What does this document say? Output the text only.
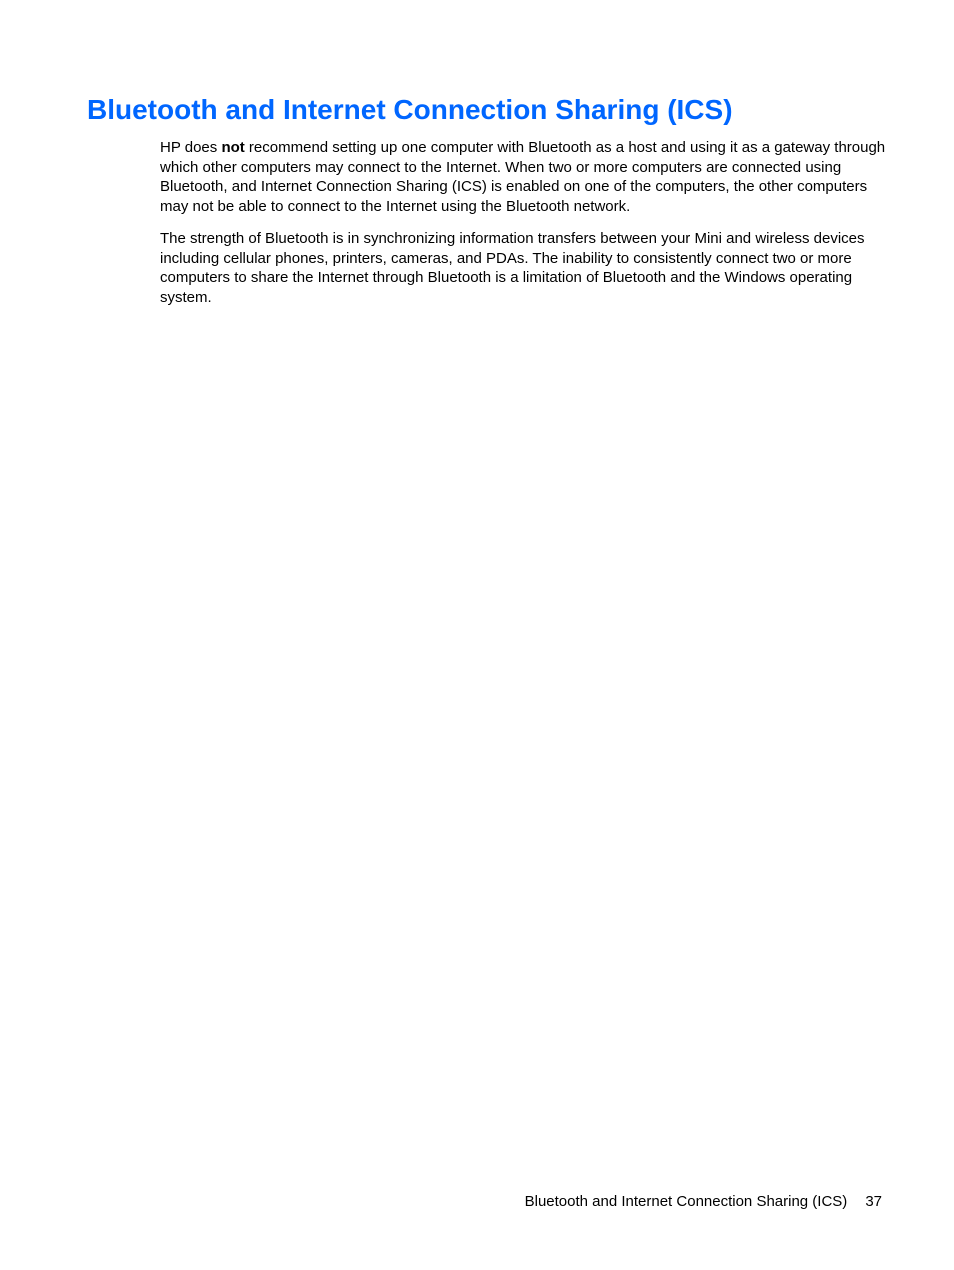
Bluetooth and Internet Connection Sharing (ICS)

HP does not recommend setting up one computer with Bluetooth as a host and using it as a gateway through which other computers may connect to the Internet. When two or more computers are connected using Bluetooth, and Internet Connection Sharing (ICS) is enabled on one of the computers, the other computers may not be able to connect to the Internet using the Bluetooth network.

The strength of Bluetooth is in synchronizing information transfers between your Mini and wireless devices including cellular phones, printers, cameras, and PDAs. The inability to consistently connect two or more computers to share the Internet through Bluetooth is a limitation of Bluetooth and the Windows operating system.

Bluetooth and Internet Connection Sharing (ICS) 37
